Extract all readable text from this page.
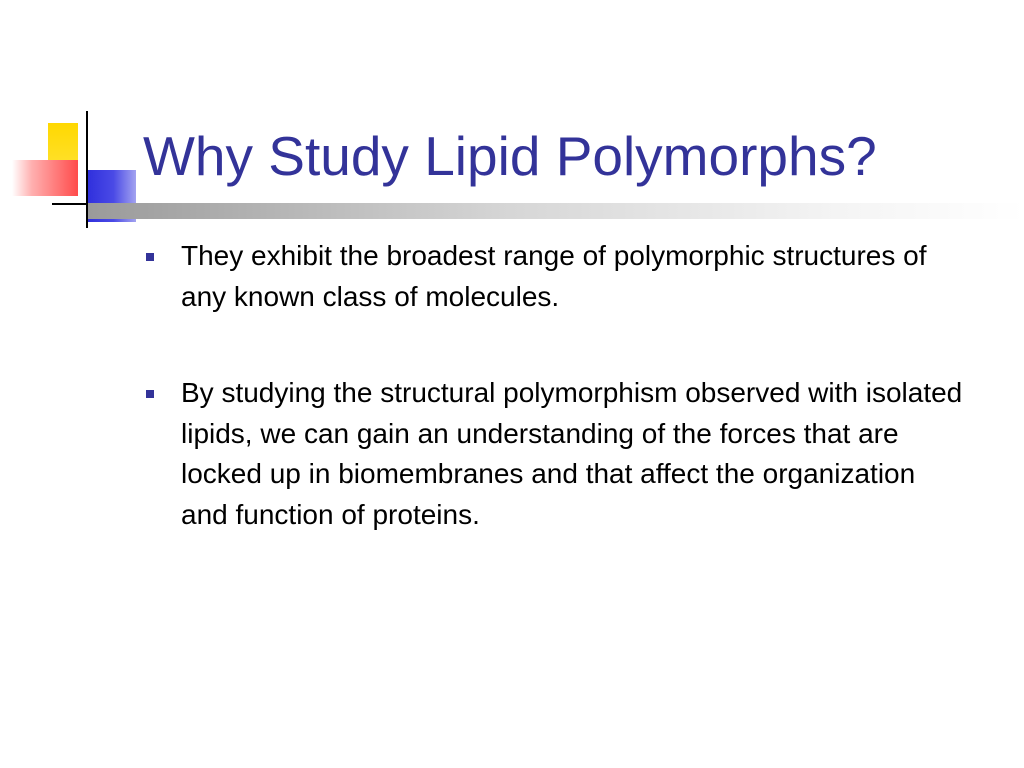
Why Study Lipid Polymorphs?
They exhibit the broadest range of polymorphic structures of any known class of molecules.
By studying the structural polymorphism observed with isolated lipids, we can gain an understanding of the forces that are locked up in biomembranes and that affect the organization and function of proteins.
